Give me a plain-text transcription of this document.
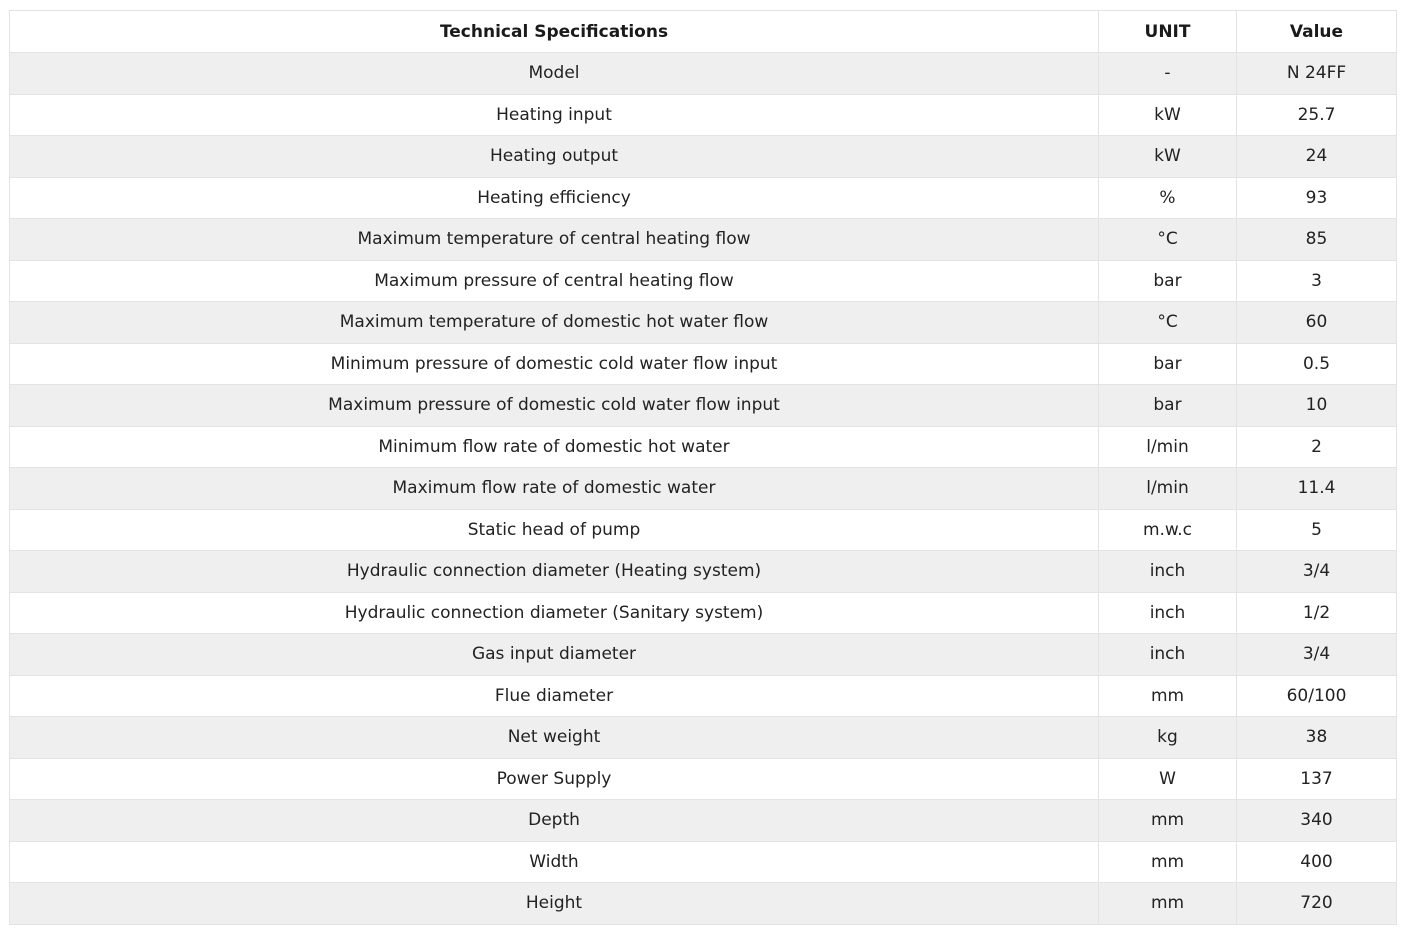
Technical Specifications	UNIT	Value
Model	-	N 24FF
Heating input	kW	25.7
Heating output	kW	24
Heating efficiency	%	93
Maximum temperature of central heating flow	°C	85
Maximum pressure of central heating flow	bar	3
Maximum temperature of domestic hot water flow	°C	60
Minimum pressure of domestic cold water flow input	bar	0.5
Maximum pressure of domestic cold water flow input	bar	10
Minimum flow rate of domestic hot water	l/min	2
Maximum flow rate of domestic water	l/min	11.4
Static head of pump	m.w.c	5
Hydraulic connection diameter (Heating system)	inch	3/4
Hydraulic connection diameter (Sanitary system)	inch	1/2
Gas input diameter	inch	3/4
Flue diameter	mm	60/100
Net weight	kg	38
Power Supply	W	137
Depth	mm	340
Width	mm	400
Height	mm	720
